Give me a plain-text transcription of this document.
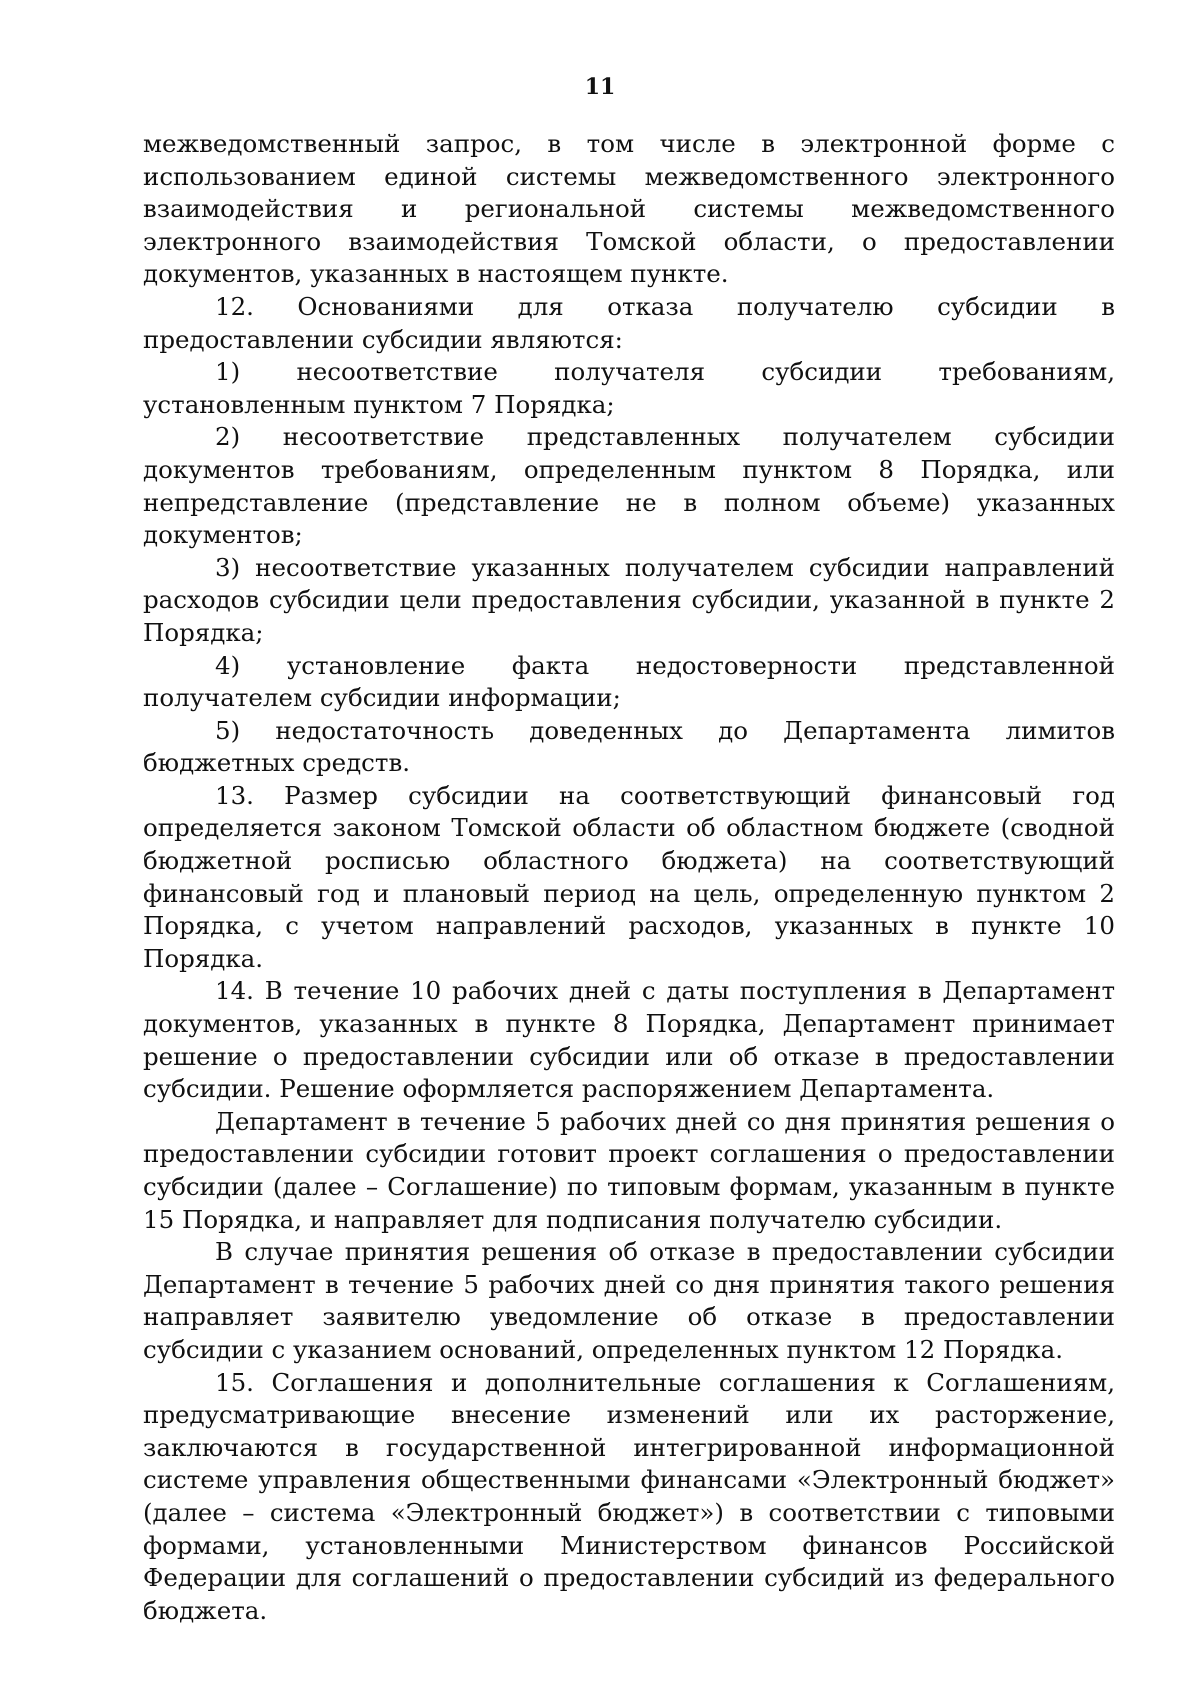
11

межведомственный запрос, в том числе в электронной форме с использованием единой системы межведомственного электронного взаимодействия и региональной системы межведомственного электронного взаимодействия Томской области, о предоставлении документов, указанных в настоящем пункте.

12. Основаниями для отказа получателю субсидии в предоставлении субсидии являются:

1) несоответствие получателя субсидии требованиям, установленным пунктом 7 Порядка;

2) несоответствие представленных получателем субсидии документов требованиям, определенным пунктом 8 Порядка, или непредставление (представление не в полном объеме) указанных документов;

3) несоответствие указанных получателем субсидии направлений расходов субсидии цели предоставления субсидии, указанной в пункте 2 Порядка;

4) установление факта недостоверности представленной получателем субсидии информации;

5) недостаточность доведенных до Департамента лимитов бюджетных средств.

13. Размер субсидии на соответствующий финансовый год определяется законом Томской области об областном бюджете (сводной бюджетной росписью областного бюджета) на соответствующий финансовый год и плановый период на цель, определенную пунктом 2 Порядка, с учетом направлений расходов, указанных в пункте 10 Порядка.

14. В течение 10 рабочих дней с даты поступления в Департамент документов, указанных в пункте 8 Порядка, Департамент принимает решение о предоставлении субсидии или об отказе в предоставлении субсидии. Решение оформляется распоряжением Департамента.

Департамент в течение 5 рабочих дней со дня принятия решения о предоставлении субсидии готовит проект соглашения о предоставлении субсидии (далее – Соглашение) по типовым формам, указанным в пункте 15 Порядка, и направляет для подписания получателю субсидии.

В случае принятия решения об отказе в предоставлении субсидии Департамент в течение 5 рабочих дней со дня принятия такого решения направляет заявителю уведомление об отказе в предоставлении субсидии с указанием оснований, определенных пунктом 12 Порядка.

15. Соглашения и дополнительные соглашения к Соглашениям, предусматривающие внесение изменений или их расторжение, заключаются в государственной интегрированной информационной системе управления общественными финансами «Электронный бюджет» (далее – система «Электронный бюджет») в соответствии с типовыми формами, установленными Министерством финансов Российской Федерации для соглашений о предоставлении субсидий из федерального бюджета.
